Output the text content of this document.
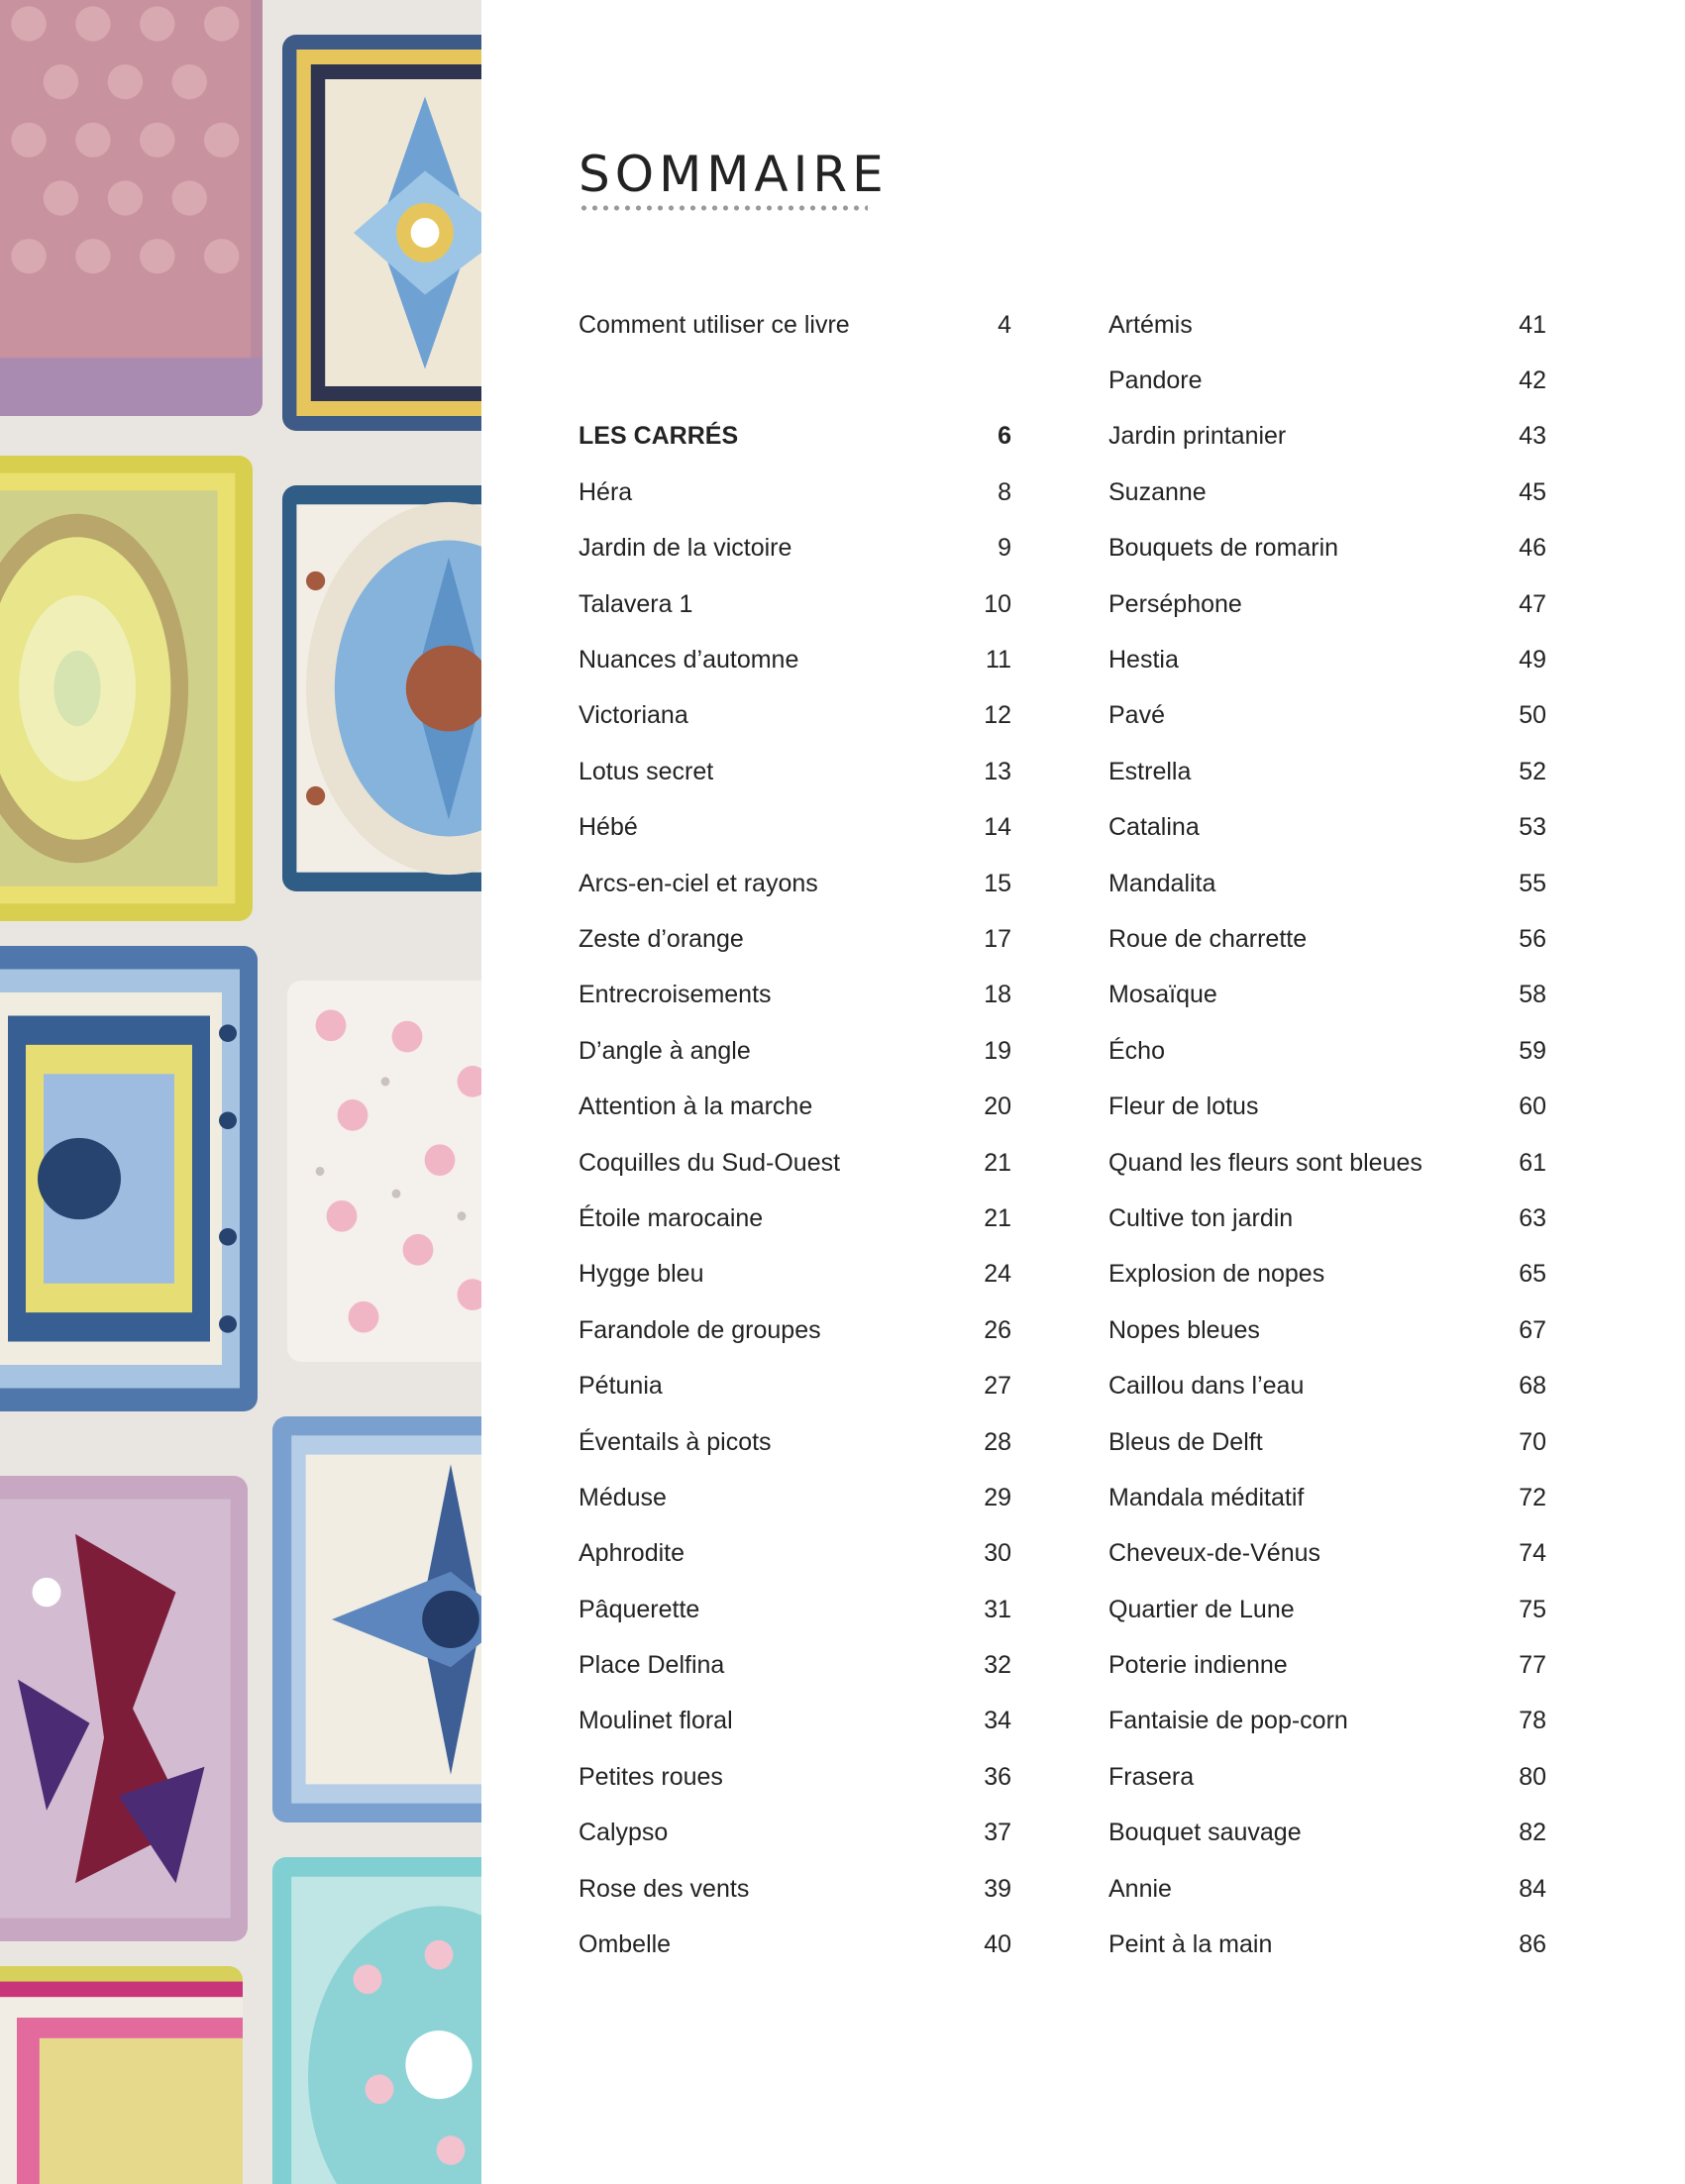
SOMMAIRE
Comment utiliser ce livre	4
LES CARRÉS	6
Héra	8
Jardin de la victoire	9
Talavera 1	10
Nuances d’automne	11
Victoriana	12
Lotus secret	13
Hébé	14
Arcs-en-ciel et rayons	15
Zeste d’orange	17
Entrecroisements	18
D’angle à angle	19
Attention à la marche	20
Coquilles du Sud-Ouest	21
Étoile marocaine	21
Hygge bleu	24
Farandole de groupes	26
Pétunia	27
Éventails à picots	28
Méduse	29
Aphrodite	30
Pâquerette	31
Place Delfina	32
Moulinet floral	34
Petites roues	36
Calypso	37
Rose des vents	39
Ombelle	40
Artémis	41
Pandore	42
Jardin printanier	43
Suzanne	45
Bouquets de romarin	46
Perséphone	47
Hestia	49
Pavé	50
Estrella	52
Catalina	53
Mandalita	55
Roue de charrette	56
Mosaïque	58
Écho	59
Fleur de lotus	60
Quand les fleurs sont bleues	61
Cultive ton jardin	63
Explosion de nopes	65
Nopes bleues	67
Caillou dans l’eau	68
Bleus de Delft	70
Mandala méditatif	72
Cheveux-de-Vénus	74
Quartier de Lune	75
Poterie indienne	77
Fantaisie de pop-corn	78
Frasera	80
Bouquet sauvage	82
Annie	84
Peint à la main	86
